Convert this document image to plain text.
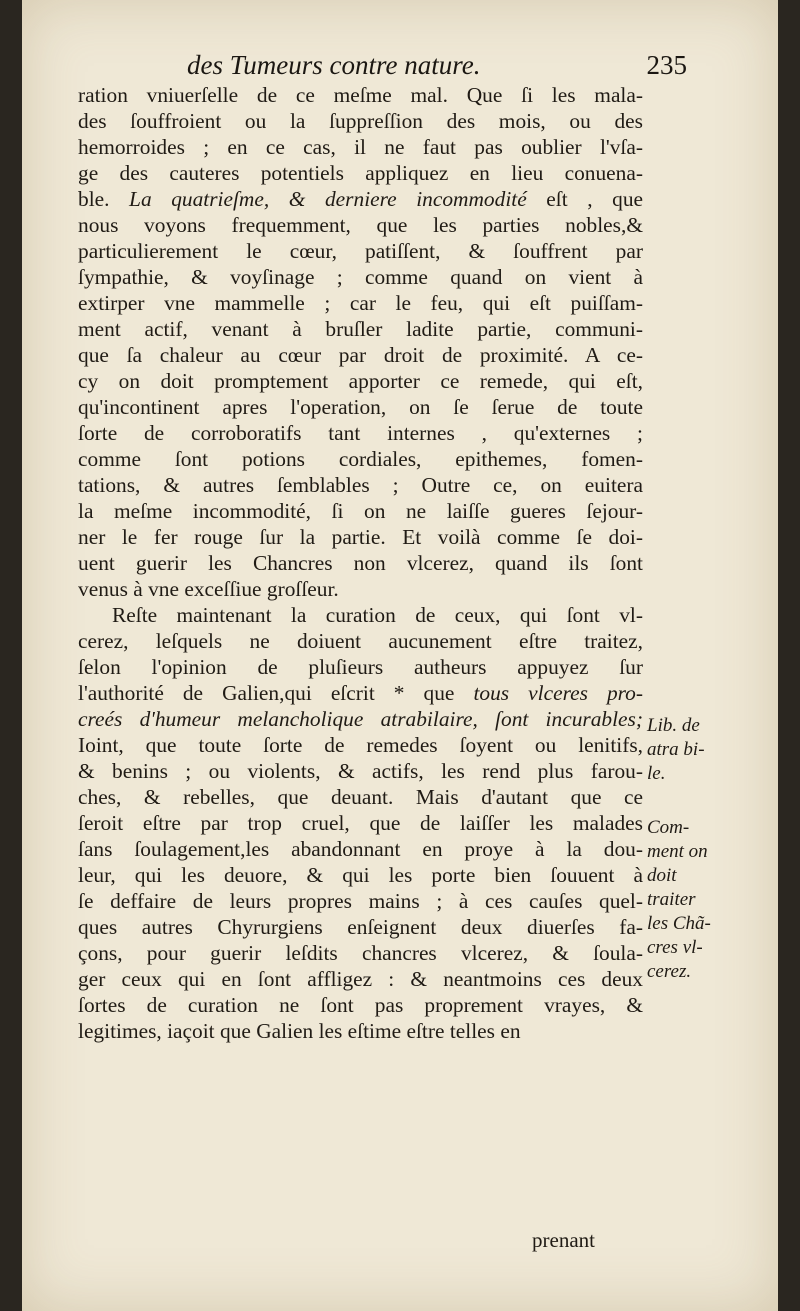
des Tumeurs contre nature.	235
ration vniuerſelle de ce meſme mal. Que ſi les mala-
des ſouffroient ou la ſuppreſſion des mois, ou des
hemorroides ; en ce cas, il ne faut pas oublier l'vſa-
ge des cauteres potentiels appliquez en lieu conuena-
ble. La quatrieſme, & derniere incommodité eſt , que
nous voyons frequemment, que les parties nobles,&
particulierement le cœur, patiſſent, & ſouffrent par
ſympathie, & voyſinage ; comme quand on vient à
extirper vne mammelle ; car le feu, qui eſt puiſſam-
ment actif, venant à bruſler ladite partie, communi-
que ſa chaleur au cœur par droit de proximité. A ce-
cy on doit promptement apporter ce remede, qui eſt,
qu'incontinent apres l'operation, on ſe ſerue de toute
ſorte de corroboratifs tant internes , qu'externes ;
comme ſont potions cordiales, epithemes, fomen-
tations, & autres ſemblables ; Outre ce, on euitera
la meſme incommodité, ſi on ne laiſſe gueres ſejour-
ner le fer rouge ſur la partie. Et voilà comme ſe doi-
uent guerir les Chancres non vlcerez, quand ils ſont
venus à vne exceſſiue groſſeur.
Reſte maintenant la curation de ceux, qui ſont vl-
cerez, leſquels ne doiuent aucunement eſtre traitez,
ſelon l'opinion de pluſieurs autheurs appuyez ſur
l'authorité de Galien,qui eſcrit * que tous vlceres pro-
creés d'humeur melancholique atrabilaire, ſont incurables;
Ioint, que toute ſorte de remedes ſoyent ou lenitifs,
& benins ; ou violents, & actifs, les rend plus farou-
ches, & rebelles, que deuant. Mais d'autant que ce
ſeroit eſtre par trop cruel, que de laiſſer les malades
ſans ſoulagement,les abandonnant en proye à la dou-
leur, qui les deuore, & qui les porte bien ſouuent à
ſe deffaire de leurs propres mains ; à ces cauſes quel-
ques autres Chyrurgiens enſeignent deux diuerſes fa-
çons, pour guerir leſdits chancres vlcerez, & ſoula-
ger ceux qui en ſont affligez : & neantmoins ces deux
ſortes de curation ne ſont pas proprement vrayes, &
legitimes, iaçoit que Galien les eſtime eſtre telles en
Lib. de
atra bi-
le.
Com-
ment on
doit
traiter
les Chã-
cres vl-
cerez.
prenant
